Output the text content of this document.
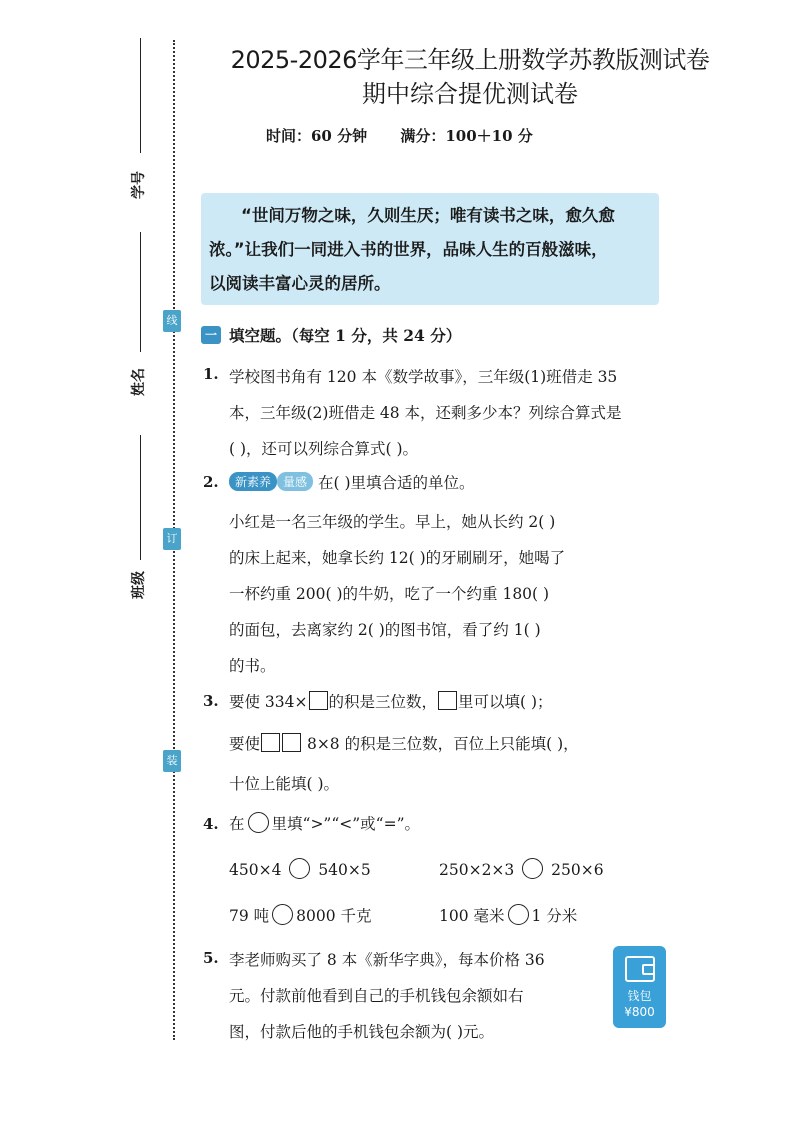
学号
姓名
班级
线
订
装
2025-2026学年三年级上册数学苏教版测试卷
期中综合提优测试卷
时间：60 分钟 满分：100＋10 分
“世间万物之味，久则生厌；唯有读书之味，愈久愈
浓。”让我们一同进入书的世界，品味人生的百般滋味，
以阅读丰富心灵的居所。
一 填空题。（每空 1 分，共 24 分）
1. 学校图书角有 120 本《数学故事》，三年级(1)班借走 35
本，三年级(2)班借走 48 本，还剩多少本？列综合算式是
( )，还可以列综合算式( )。
2.	新素养 量感 在( )里填合适的单位。
小红是一名三年级的学生。早上，她从长约 2( )
的床上起来，她拿长约 12( )的牙刷刷牙，她喝了
一杯约重 200( )的牛奶，吃了一个约重 180( )
的面包，去离家约 2( )的图书馆，看了约 1( )
的书。
3. 要使 334× 的积是三位数， 里可以填( )；
要使	8×8 的积是三位数，百位上只能填( )，
十位上能填( )。
4. 在 里填“>”“<”或“=”。
450×4 540×5	250×2×3 250×6
79 吨 8000 千克	100 毫米 1 分米
5. 李老师购买了 8 本《新华字典》，每本价格 36
元。付款前他看到自己的手机钱包余额如右
图，付款后他的手机钱包余额为( )元。
钱包
¥800
